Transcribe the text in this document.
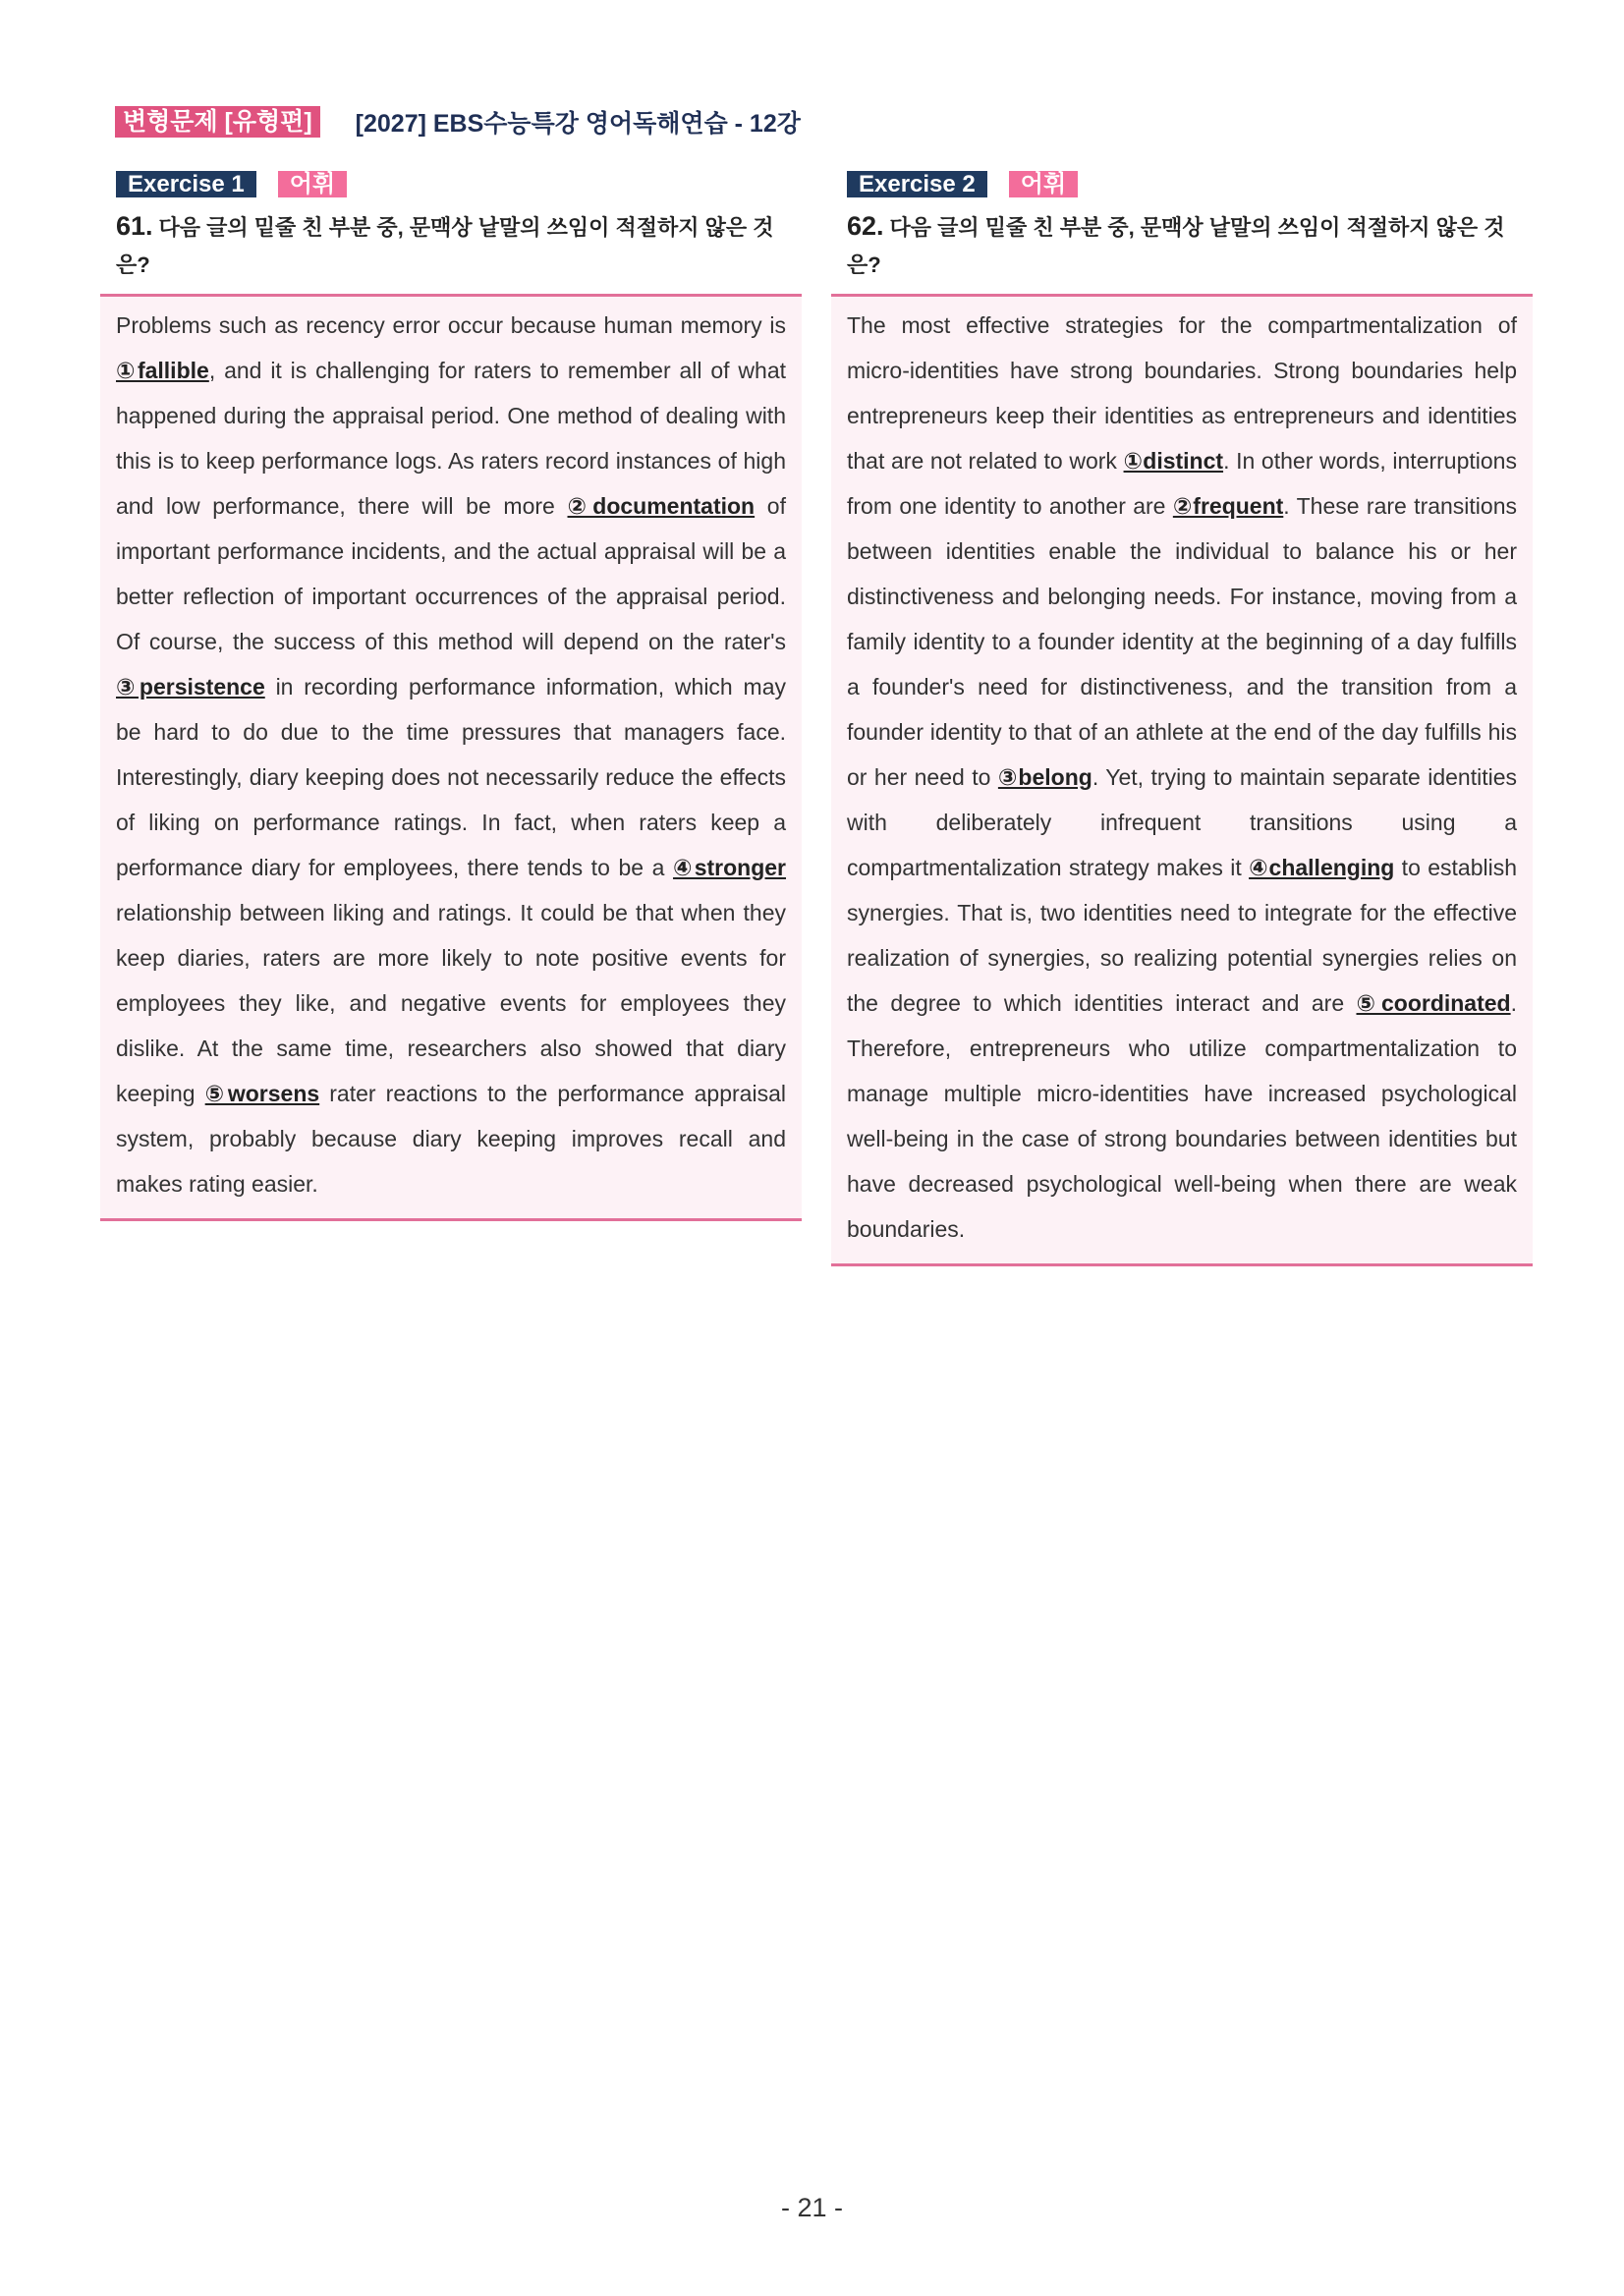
변형문제 [유형편]	[2027] EBS수능특강 영어독해연습 - 12강
Exercise 1	어휘
61. 다음 글의 밑줄 친 부분 중, 문맥상 낱말의 쓰임이 적절하지 않은 것은?

Problems such as recency error occur because human memory is ①fallible, and it is challenging for raters to remember all of what happened during the appraisal period. One method of dealing with this is to keep performance logs. As raters record instances of high and low performance, there will be more ②documentation of important performance incidents, and the actual appraisal will be a better reflection of important occurrences of the appraisal period. Of course, the success of this method will depend on the rater's ③persistence in recording performance information, which may be hard to do due to the time pressures that managers face. Interestingly, diary keeping does not necessarily reduce the effects of liking on performance ratings. In fact, when raters keep a performance diary for employees, there tends to be a ④stronger relationship between liking and ratings. It could be that when they keep diaries, raters are more likely to note positive events for employees they like, and negative events for employees they dislike. At the same time, researchers also showed that diary keeping ⑤worsens rater reactions to the performance appraisal system, probably because diary keeping improves recall and makes rating easier.

Exercise 2	어휘
62. 다음 글의 밑줄 친 부분 중, 문맥상 낱말의 쓰임이 적절하지 않은 것은?

The most effective strategies for the compartmentalization of micro-identities have strong boundaries. Strong boundaries help entrepreneurs keep their identities as entrepreneurs and identities that are not related to work ①distinct. In other words, interruptions from one identity to another are ②frequent. These rare transitions between identities enable the individual to balance his or her distinctiveness and belonging needs. For instance, moving from a family identity to a founder identity at the beginning of a day fulfills a founder's need for distinctiveness, and the transition from a founder identity to that of an athlete at the end of the day fulfills his or her need to ③belong. Yet, trying to maintain separate identities with deliberately infrequent transitions using a compartmentalization strategy makes it ④challenging to establish synergies. That is, two identities need to integrate for the effective realization of synergies, so realizing potential synergies relies on the degree to which identities interact and are ⑤coordinated. Therefore, entrepreneurs who utilize compartmentalization to manage multiple micro-identities have increased psychological well-being in the case of strong boundaries between identities but have decreased psychological well-being when there are weak boundaries.

- 21 -
